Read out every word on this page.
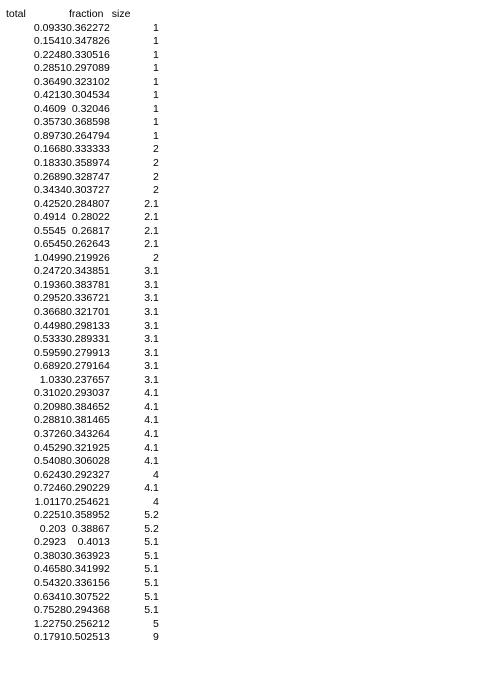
total	fraction	size
0.0933	0.362272	1
0.1541	0.347826	1
0.2248	0.330516	1
0.2851	0.297089	1
0.3649	0.323102	1
0.4213	0.304534	1
0.4609	0.32046	1
0.3573	0.368598	1
0.8973	0.264794	1
0.1668	0.333333	2
0.1833	0.358974	2
0.2689	0.328747	2
0.3434	0.303727	2
0.4252	0.284807	2.1
0.4914	0.28022	2.1
0.5545	0.26817	2.1
0.6545	0.262643	2.1
1.0499	0.219926	2
0.2472	0.343851	3.1
0.1936	0.383781	3.1
0.2952	0.336721	3.1
0.3668	0.321701	3.1
0.4498	0.298133	3.1
0.5333	0.289331	3.1
0.5959	0.279913	3.1
0.6892	0.279164	3.1
1.033	0.237657	3.1
0.3102	0.293037	4.1
0.2098	0.384652	4.1
0.2881	0.381465	4.1
0.3726	0.343264	4.1
0.4529	0.321925	4.1
0.5408	0.306028	4.1
0.6243	0.292327	4
0.7246	0.290229	4.1
1.0117	0.254621	4
0.2251	0.358952	5.2
0.203	0.38867	5.2
0.2923	0.4013	5.1
0.3803	0.363923	5.1
0.4658	0.341992	5.1
0.5432	0.336156	5.1
0.6341	0.307522	5.1
0.7528	0.294368	5.1
1.2275	0.256212	5
0.1791	0.502513	9
